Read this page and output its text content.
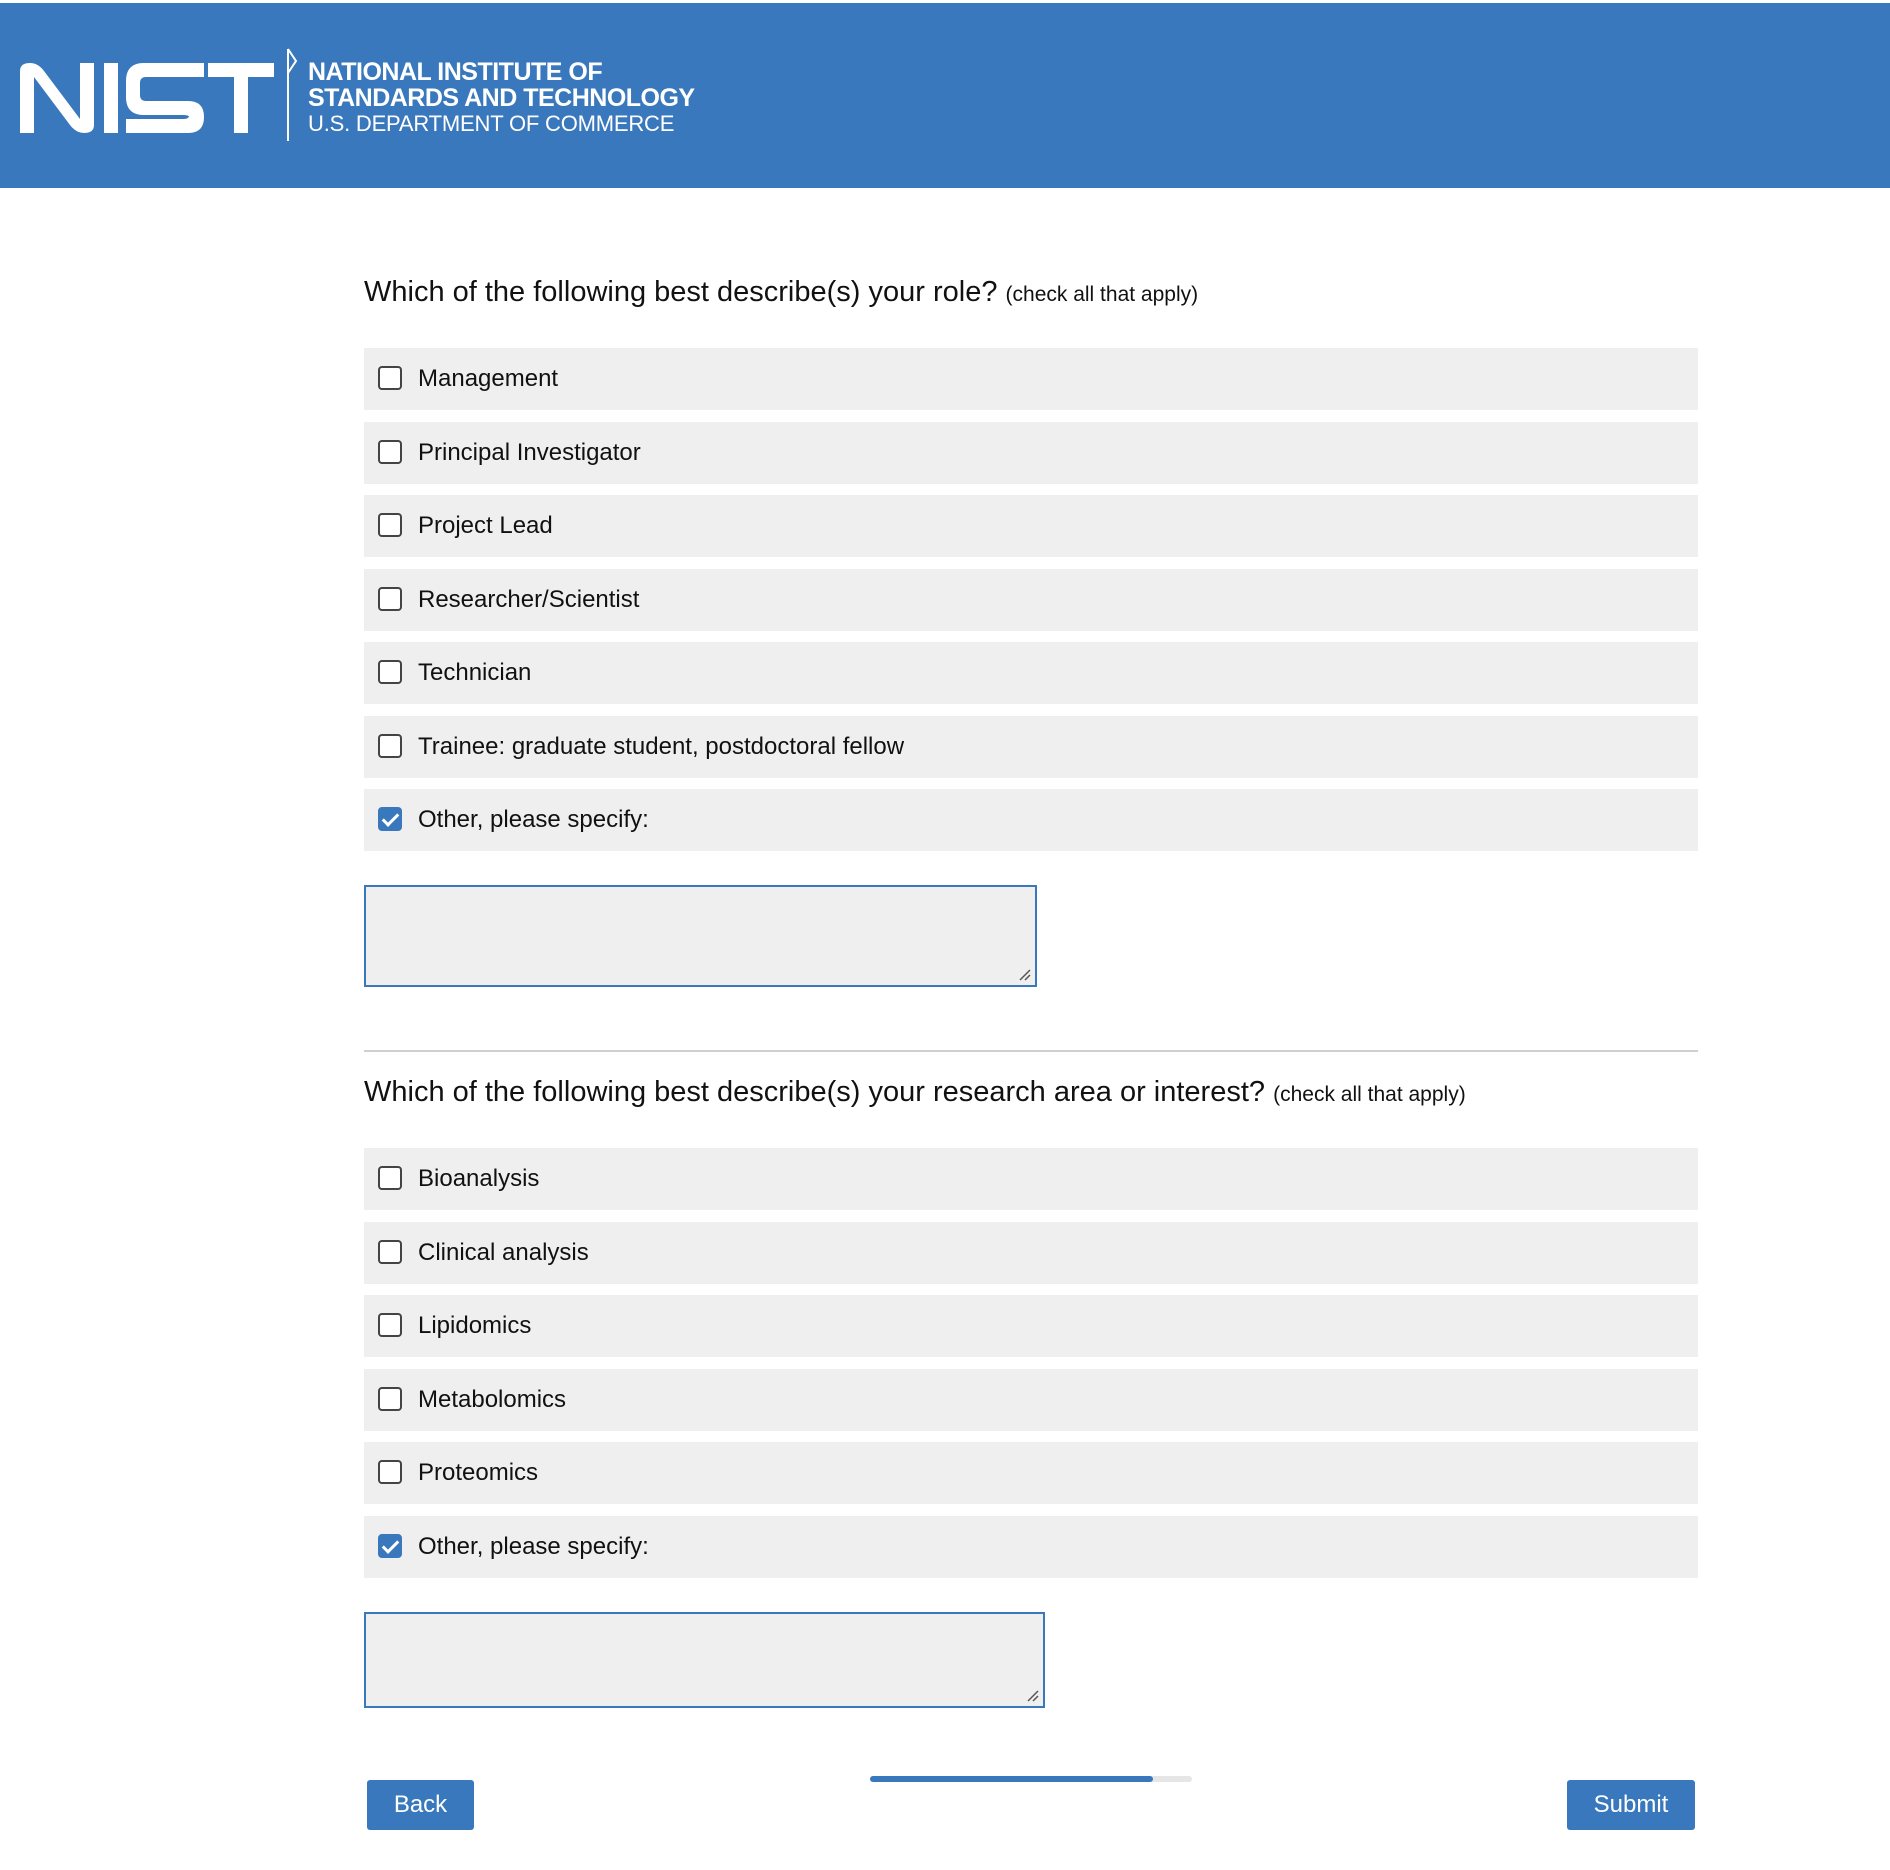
NATIONAL INSTITUTE OF
STANDARDS AND TECHNOLOGY
U.S. DEPARTMENT OF COMMERCE

Which of the following best describe(s) your role? (check all that apply)

Management
Principal Investigator
Project Lead
Researcher/Scientist
Technician
Trainee: graduate student, postdoctoral fellow
Other, please specify:

Which of the following best describe(s) your research area or interest? (check all that apply)

Bioanalysis
Clinical analysis
Lipidomics
Metabolomics
Proteomics
Other, please specify:
Back	Submit
